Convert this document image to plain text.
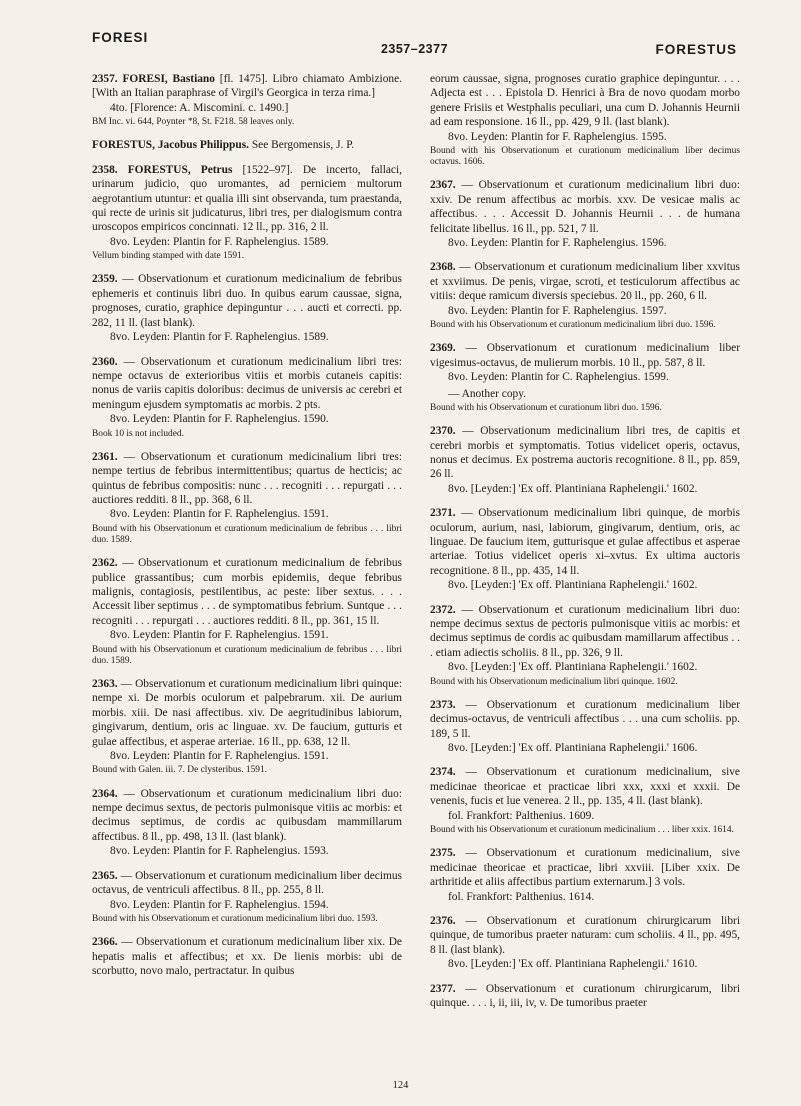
FORESI
2357–2377	FORESTUS

2357. FORESI, Bastiano [fl. 1475]. Libro chiamato Ambizione. [With an Italian paraphrase of Virgil's Georgica in terza rima.]

4to. [Florence: A. Miscomini. c. 1490.]

BM Inc. vi. 644, Poynter *8, St. F218. 58 leaves only.

FORESTUS, Jacobus Philippus. See Bergomensis, J. P.

2358. FORESTUS, Petrus [1522–97]. De incerto, fallaci, urinarum judicio, quo uromantes, ad perniciem multorum aegrotantium utuntur: et qualia illi sint observanda, tum praestanda, qui recte de urinis sit judicaturus, libri tres, per dialogismum contra uroscopos empiricos concinnati. 12 ll., pp. 316, 2 ll.

8vo. Leyden: Plantin for F. Raphelengius. 1589.

Vellum binding stamped with date 1591.

2359. — Observationum et curationum medicinalium de febribus ephemeris et continuis libri duo. In quibus earum caussae, signa, prognoses, curatio, graphice depinguntur . . . aucti et correcti. pp. 282, 11 ll. (last blank).

8vo. Leyden: Plantin for F. Raphelengius. 1589.

2360. — Observationum et curationum medicinalium libri tres: nempe octavus de exterioribus vitiis et morbis cutaneis capitis: nonus de variis capitis doloribus: decimus de universis ac cerebri et meningum ejusdem symptomatis ac morbis. 2 pts.

8vo. Leyden: Plantin for F. Raphelengius. 1590.

Book 10 is not included.

2361. — Observationum et curationum medicinalium libri tres: nempe tertius de febribus intermittentibus; quartus de hecticis; ac quintus de febribus compositis: nunc . . . recogniti . . . repurgati . . . auctiores redditi. 8 ll., pp. 368, 6 ll.

8vo. Leyden: Plantin for F. Raphelengius. 1591.

Bound with his Observationum et curationum medicinalium de febribus . . . libri duo. 1589.

2362. — Observationum et curationum medicinalium de febribus publice grassantibus; cum morbis epidemiis, deque febribus malignis, contagiosis, pestilentibus, ac peste: liber sextus. . . . Accessit liber septimus . . . de symptomatibus febrium. Suntque . . . recogniti . . . repurgati . . . auctiores redditi. 8 ll., pp. 361, 15 ll.

8vo. Leyden: Plantin for F. Raphelengius. 1591.

Bound with his Observationum et curationum medicinalium de febribus . . . libri duo. 1589.

2363. — Observationum et curationum medicinalium libri quinque: nempe xi. De morbis oculorum et palpebrarum. xii. De aurium morbis. xiii. De nasi affectibus. xiv. De aegritudinibus labiorum, gingivarum, dentium, oris ac linguae. xv. De faucium, gutturis et gulae affectibus, et asperae arteriae. 16 ll., pp. 638, 12 ll.

8vo. Leyden: Plantin for F. Raphelengius. 1591.

Bound with Galen. iii. 7. De clysteribus. 1591.

2364. — Observationum et curationum medicinalium libri duo: nempe decimus sextus, de pectoris pulmonisque vitiis ac morbis: et decimus septimus, de cordis ac quibusdam mammillarum affectibus. 8 ll., pp. 498, 13 ll. (last blank).

8vo. Leyden: Plantin for F. Raphelengius. 1593.

2365. — Observationum et curationum medicinalium liber decimus octavus, de ventriculi affectibus. 8 ll., pp. 255, 8 ll.

8vo. Leyden: Plantin for F. Raphelengius. 1594.

Bound with his Observationum et curationum medicinalium libri duo. 1593.

2366. — Observationum et curationum medicinalium liber xix. De hepatis malis et affectibus; et xx. De lienis morbis: ubi de scorbutto, novo malo, pertractatur. In quibus

eorum caussae, signa, prognoses curatio graphice depinguntur. . . . Adjecta est . . . Epistola D. Henrici à Bra de novo quodam morbo genere Frisiis et Westphalis peculiari, una cum D. Johannis Heurnii ad eam responsione. 16 ll., pp. 429, 9 ll. (last blank).

8vo. Leyden: Plantin for F. Raphelengius. 1595.

Bound with his Observationum et curationum medicinalium liber decimus octavus. 1606.

2367. — Observationum et curationum medicinalium libri duo: xxiv. De renum affectibus ac morbis. xxv. De vesicae malis ac affectibus. . . . Accessit D. Johannis Heurnii . . . de humana felicitate libellus. 16 ll., pp. 521, 7 ll.

8vo. Leyden: Plantin for F. Raphelengius. 1596.

2368. — Observationum et curationum medicinalium liber xxvitus et xxviimus. De penis, virgae, scroti, et testiculorum affectibus ac vitiis: deque ramicum diversis speciebus. 20 ll., pp. 260, 6 ll.

8vo. Leyden: Plantin for F. Raphelengius. 1597.

Bound with his Observationum et curationum medicinalium libri duo. 1596.

2369. — Observationum et curationum medicinalium liber vigesimus-octavus, de mulierum morbis. 10 ll., pp. 587, 8 ll.

8vo. Leyden: Plantin for C. Raphelengius. 1599.

— Another copy.

Bound with his Observationum et curationum libri duo. 1596.

2370. — Observationum medicinalium libri tres, de capitis et cerebri morbis et symptomatis. Totius videlicet operis, octavus, nonus et decimus. Ex postrema auctoris recognitione. 8 ll., pp. 859, 26 ll.

8vo. [Leyden:] 'Ex off. Plantiniana Raphelengii.' 1602.

2371. — Observationum medicinalium libri quinque, de morbis oculorum, aurium, nasi, labiorum, gingivarum, dentium, oris, ac linguae. De faucium item, gutturisque et gulae affectibus et asperae arteriae. Totius videlicet operis xi–xvtus. Ex ultima auctoris recognitione. 8 ll., pp. 435, 14 ll.

8vo. [Leyden:] 'Ex off. Plantiniana Raphelengii.' 1602.

2372. — Observationum et curationum medicinalium libri duo: nempe decimus sextus de pectoris pulmonisque vitiis ac morbis: et decimus septimus de cordis ac quibusdam mamillarum affectibus . . . etiam adiectis scholiis. 8 ll., pp. 326, 9 ll.

8vo. [Leyden:] 'Ex off. Plantiniana Raphelengii.' 1602.

Bound with his Observationum medicinalium libri quinque. 1602.

2373. — Observationum et curationum medicinalium liber decimus-octavus, de ventriculi affectibus . . . una cum scholiis. pp. 189, 5 ll.

8vo. [Leyden:] 'Ex off. Plantiniana Raphelengii.' 1606.

2374. — Observationum et curationum medicinalium, sive medicinae theoricae et practicae libri xxx, xxxi et xxxii. De venenis, fucis et lue venerea. 2 ll., pp. 135, 4 ll. (last blank).

fol. Frankfort: Palthenius. 1609.

Bound with his Observationum et curationum medicinalium . . . liber xxix. 1614.

2375. — Observationum et curationum medicinalium, sive medicinae theoricae et practicae, libri xxviii. [Liber xxix. De arthritide et aliis affectibus partium externarum.] 3 vols.

fol. Frankfort: Palthenius. 1614.

2376. — Observationum et curationum chirurgicarum libri quinque, de tumoribus praeter naturam: cum scholiis. 4 ll., pp. 495, 8 ll. (last blank).

8vo. [Leyden:] 'Ex off. Plantiniana Raphelengii.' 1610.

2377. — Observationum et curationum chirurgicarum, libri quinque. . . . i, ii, iii, iv, v. De tumoribus praeter

124
